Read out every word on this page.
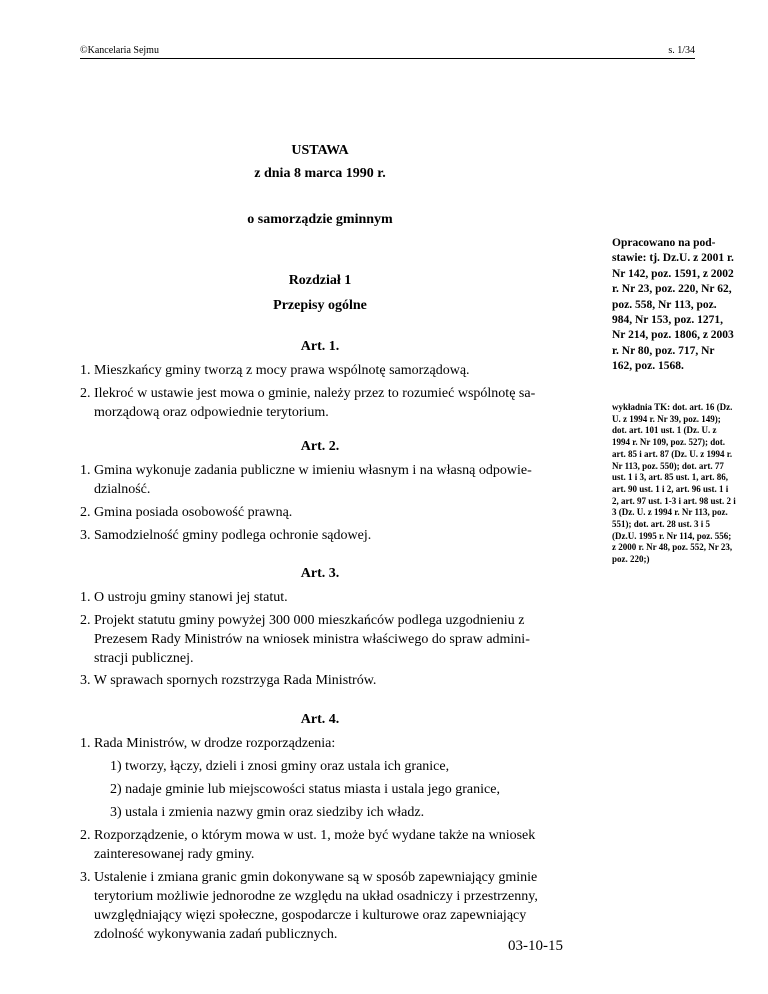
©Kancelaria Sejmu	s. 1/34
USTAWA
z dnia 8 marca 1990 r.
o samorządzie gminnym
Rozdział 1
Przepisy ogólne
Opracowano na pod-stawie: tj. Dz.U. z 2001 r. Nr 142, poz. 1591, z 2002 r. Nr 23, poz. 220, Nr 62, poz. 558, Nr 113, poz. 984, Nr 153, poz. 1271, Nr 214, poz. 1806, z 2003 r. Nr 80, poz. 717, Nr 162, poz. 1568.
wykładnia TK: dot. art. 16 (Dz. U. z 1994 r. Nr 39, poz. 149); dot. art. 101 ust. 1 (Dz. U. z 1994 r. Nr 109, poz. 527); dot. art. 85 i art. 87 (Dz. U. z 1994 r. Nr 113, poz. 550); dot. art. 77 ust. 1 i 3, art. 85 ust. 1, art. 86, art. 90 ust. 1 i 2, art. 96 ust. 1 i 2, art. 97 ust. 1-3 i art. 98 ust. 2 i 3 (Dz. U. z 1994 r. Nr 113, poz. 551); dot. art. 28 ust. 3 i 5 (Dz.U. 1995 r. Nr 114, poz. 556; z 2000 r. Nr 48, poz. 552, Nr 23, poz. 220;)
Art. 1.
1. Mieszkańcy gminy tworzą z mocy prawa wspólnotę samorządową.
2. Ilekroć w ustawie jest mowa o gminie, należy przez to rozumieć wspólnotę sa-
morządową oraz odpowiednie terytorium.
Art. 2.
1. Gmina wykonuje zadania publiczne w imieniu własnym i na własną odpowie-
dzialność.
2. Gmina posiada osobowość prawną.
3. Samodzielność gminy podlega ochronie sądowej.
Art. 3.
1. O ustroju gminy stanowi jej statut.
2. Projekt statutu gminy powyżej 300 000 mieszkańców podlega uzgodnieniu z
Prezesem Rady Ministrów na wniosek ministra właściwego do spraw admini-
stracji publicznej.
3. W sprawach spornych rozstrzyga Rada Ministrów.
Art. 4.
1. Rada Ministrów, w drodze rozporządzenia:
1) tworzy, łączy, dzieli i znosi gminy oraz ustala ich granice,
2) nadaje gminie lub miejscowości status miasta i ustala jego granice,
3) ustala i zmienia nazwy gmin oraz siedziby ich władz.
2. Rozporządzenie, o którym mowa w ust. 1, może być wydane także na wniosek
zainteresowanej rady gminy.
3. Ustalenie i zmiana granic gmin dokonywane są w sposób zapewniający gminie
terytorium możliwie jednorodne ze względu na układ osadniczy i przestrzenny,
uwzględniający więzi społeczne, gospodarcze i kulturowe oraz zapewniający
zdolność wykonywania zadań publicznych.
03-10-15
